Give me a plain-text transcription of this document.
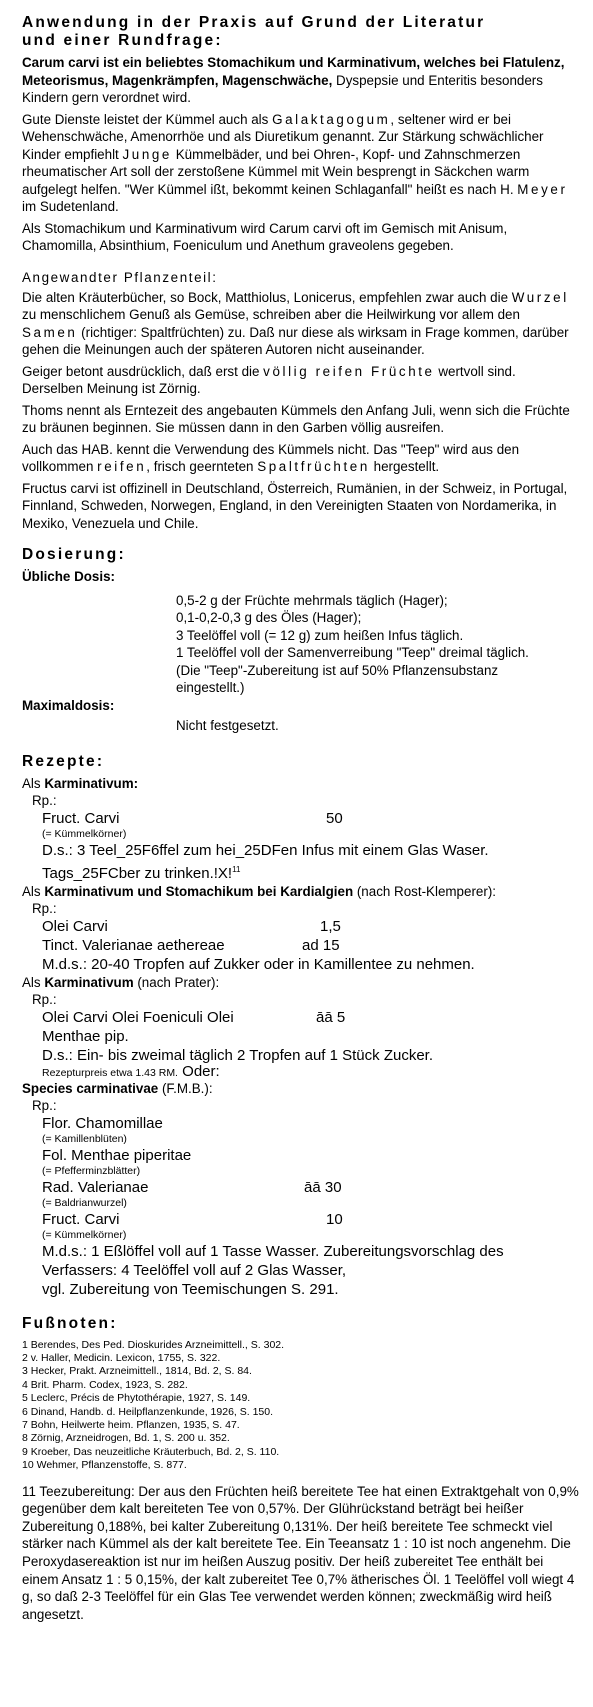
Anwendung in der Praxis auf Grund der Literatur
und einer Rundfrage:

Carum carvi ist ein beliebtes Stomachikum und Karminativum, welches bei Flatulenz, Meteorismus, Magenkrämpfen, Magenschwäche, Dyspepsie und Enteritis besonders Kindern gern verordnet wird.

Gute Dienste leistet der Kümmel auch als Galaktagogum, seltener wird er bei Wehenschwäche, Amenorrhöe und als Diuretikum genannt. Zur Stärkung schwächlicher Kinder empfiehlt Junge Kümmelbäder, und bei Ohren-, Kopf- und Zahnschmerzen rheumatischer Art soll der zerstoßene Kümmel mit Wein besprengt in Säckchen warm aufgelegt helfen. "Wer Kümmel ißt, bekommt keinen Schlaganfall" heißt es nach H. Meyer im Sudetenland.

Als Stomachikum und Karminativum wird Carum carvi oft im Gemisch mit Anisum, Chamomilla, Absinthium, Foeniculum und Anethum graveolens gegeben.

Angewandter Pflanzenteil:

Die alten Kräuterbücher, so Bock, Matthiolus, Lonicerus, empfehlen zwar auch die Wurzel zu menschlichem Genuß als Gemüse, schreiben aber die Heilwirkung vor allem den Samen (richtiger: Spaltfrüchten) zu. Daß nur diese als wirksam in Frage kommen, darüber gehen die Meinungen auch der späteren Autoren nicht auseinander.

Geiger betont ausdrücklich, daß erst die völlig reifen Früchte wertvoll sind. Derselben Meinung ist Zörnig.

Thoms nennt als Erntezeit des angebauten Kümmels den Anfang Juli, wenn sich die Früchte zu bräunen beginnen. Sie müssen dann in den Garben völlig ausreifen.

Auch das HAB. kennt die Verwendung des Kümmels nicht. Das "Teep" wird aus den vollkommen reifen, frisch geernteten Spaltfrüchten hergestellt.

Fructus carvi ist offizinell in Deutschland, Österreich, Rumänien, in der Schweiz, in Portugal, Finnland, Schweden, Norwegen, England, in den Vereinigten Staaten von Nordamerika, in Mexiko, Venezuela und Chile.

Dosierung:
Übliche Dosis:
0,5-2 g der Früchte mehrmals täglich (Hager);
0,1-0,2-0,3 g des Öles (Hager);
3 Teelöffel voll (= 12 g) zum heißen Infus täglich.
1 Teelöffel voll der Samenverreibung "Teep" dreimal täglich.
(Die "Teep"-Zubereitung ist auf 50% Pflanzensubstanz
eingestellt.)
Maximaldosis:
Nicht festgesetzt.
Rezepte:
Als Karminativum:
Rp.:
Fruct. Carvi	50
(= Kümmelkörner)
D.s.: 3 Teel_25F6ffel zum hei_25DFen Infus mit einem Glas Waser.
Tags_25FCber zu trinken.!X!$^{11}$
Als Karminativum und Stomachikum bei Kardialgien (nach Rost-Klemperer):
Rp.:
Olei Carvi	1,5
Tinct. Valerianae aethereae	ad 15
M.d.s.: 20-40 Tropfen auf Zukker oder in Kamillentee zu nehmen.
Als Karminativum (nach Prater):
Rp.:
Olei Carvi Olei Foeniculi Olei	āā 5
Menthae pip.
D.s.: Ein- bis zweimal täglich 2 Tropfen auf 1 Stück Zucker.
Rezepturpreis etwa 1.43 RM. Oder:
Species carminativae (F.M.B.):
Rp.:
Flor. Chamomillae
(= Kamillenblüten)
Fol. Menthae piperitae
(= Pfefferminzblätter)
Rad. Valerianae	āā 30
(= Baldrianwurzel)
Fruct. Carvi	10
(= Kümmelkörner)
M.d.s.: 1 Eßlöffel voll auf 1 Tasse Wasser. Zubereitungsvorschlag des
Verfassers: 4 Teelöffel voll auf 2 Glas Wasser,
vgl. Zubereitung von Teemischungen S. 291.
Fußnoten:
1 Berendes, Des Ped. Dioskurides Arzneimittell., S. 302.
2 v. Haller, Medicin. Lexicon, 1755, S. 322.
3 Hecker, Prakt. Arzneimittell., 1814, Bd. 2, S. 84.
4 Brit. Pharm. Codex, 1923, S. 282.
5 Leclerc, Précis de Phytothérapie, 1927, S. 149.
6 Dinand, Handb. d. Heilpflanzenkunde, 1926, S. 150.
7 Bohn, Heilwerte heim. Pflanzen, 1935, S. 47.
8 Zörnig, Arzneidrogen, Bd. 1, S. 200 u. 352.
9 Kroeber, Das neuzeitliche Kräuterbuch, Bd. 2, S. 110.
10 Wehmer, Pflanzenstoffe, S. 877.

11 Teezubereitung: Der aus den Früchten heiß bereitete Tee hat einen Extraktgehalt von 0,9% gegenüber dem kalt bereiteten Tee von 0,57%. Der Glührückstand beträgt bei heißer Zubereitung 0,188%, bei kalter Zubereitung 0,131%. Der heiß bereitete Tee schmeckt viel stärker nach Kümmel als der kalt bereitete Tee. Ein Teeansatz 1 : 10 ist noch angenehm. Die Peroxydasereaktion ist nur im heißen Auszug positiv. Der heiß zubereitet Tee enthält bei einem Ansatz 1 : 5 0,15%, der kalt zubereitet Tee 0,7% ätherisches Öl. 1 Teelöffel voll wiegt 4 g, so daß 2-3 Teelöffel für ein Glas Tee verwendet werden können; zweckmäßig wird heiß angesetzt.
